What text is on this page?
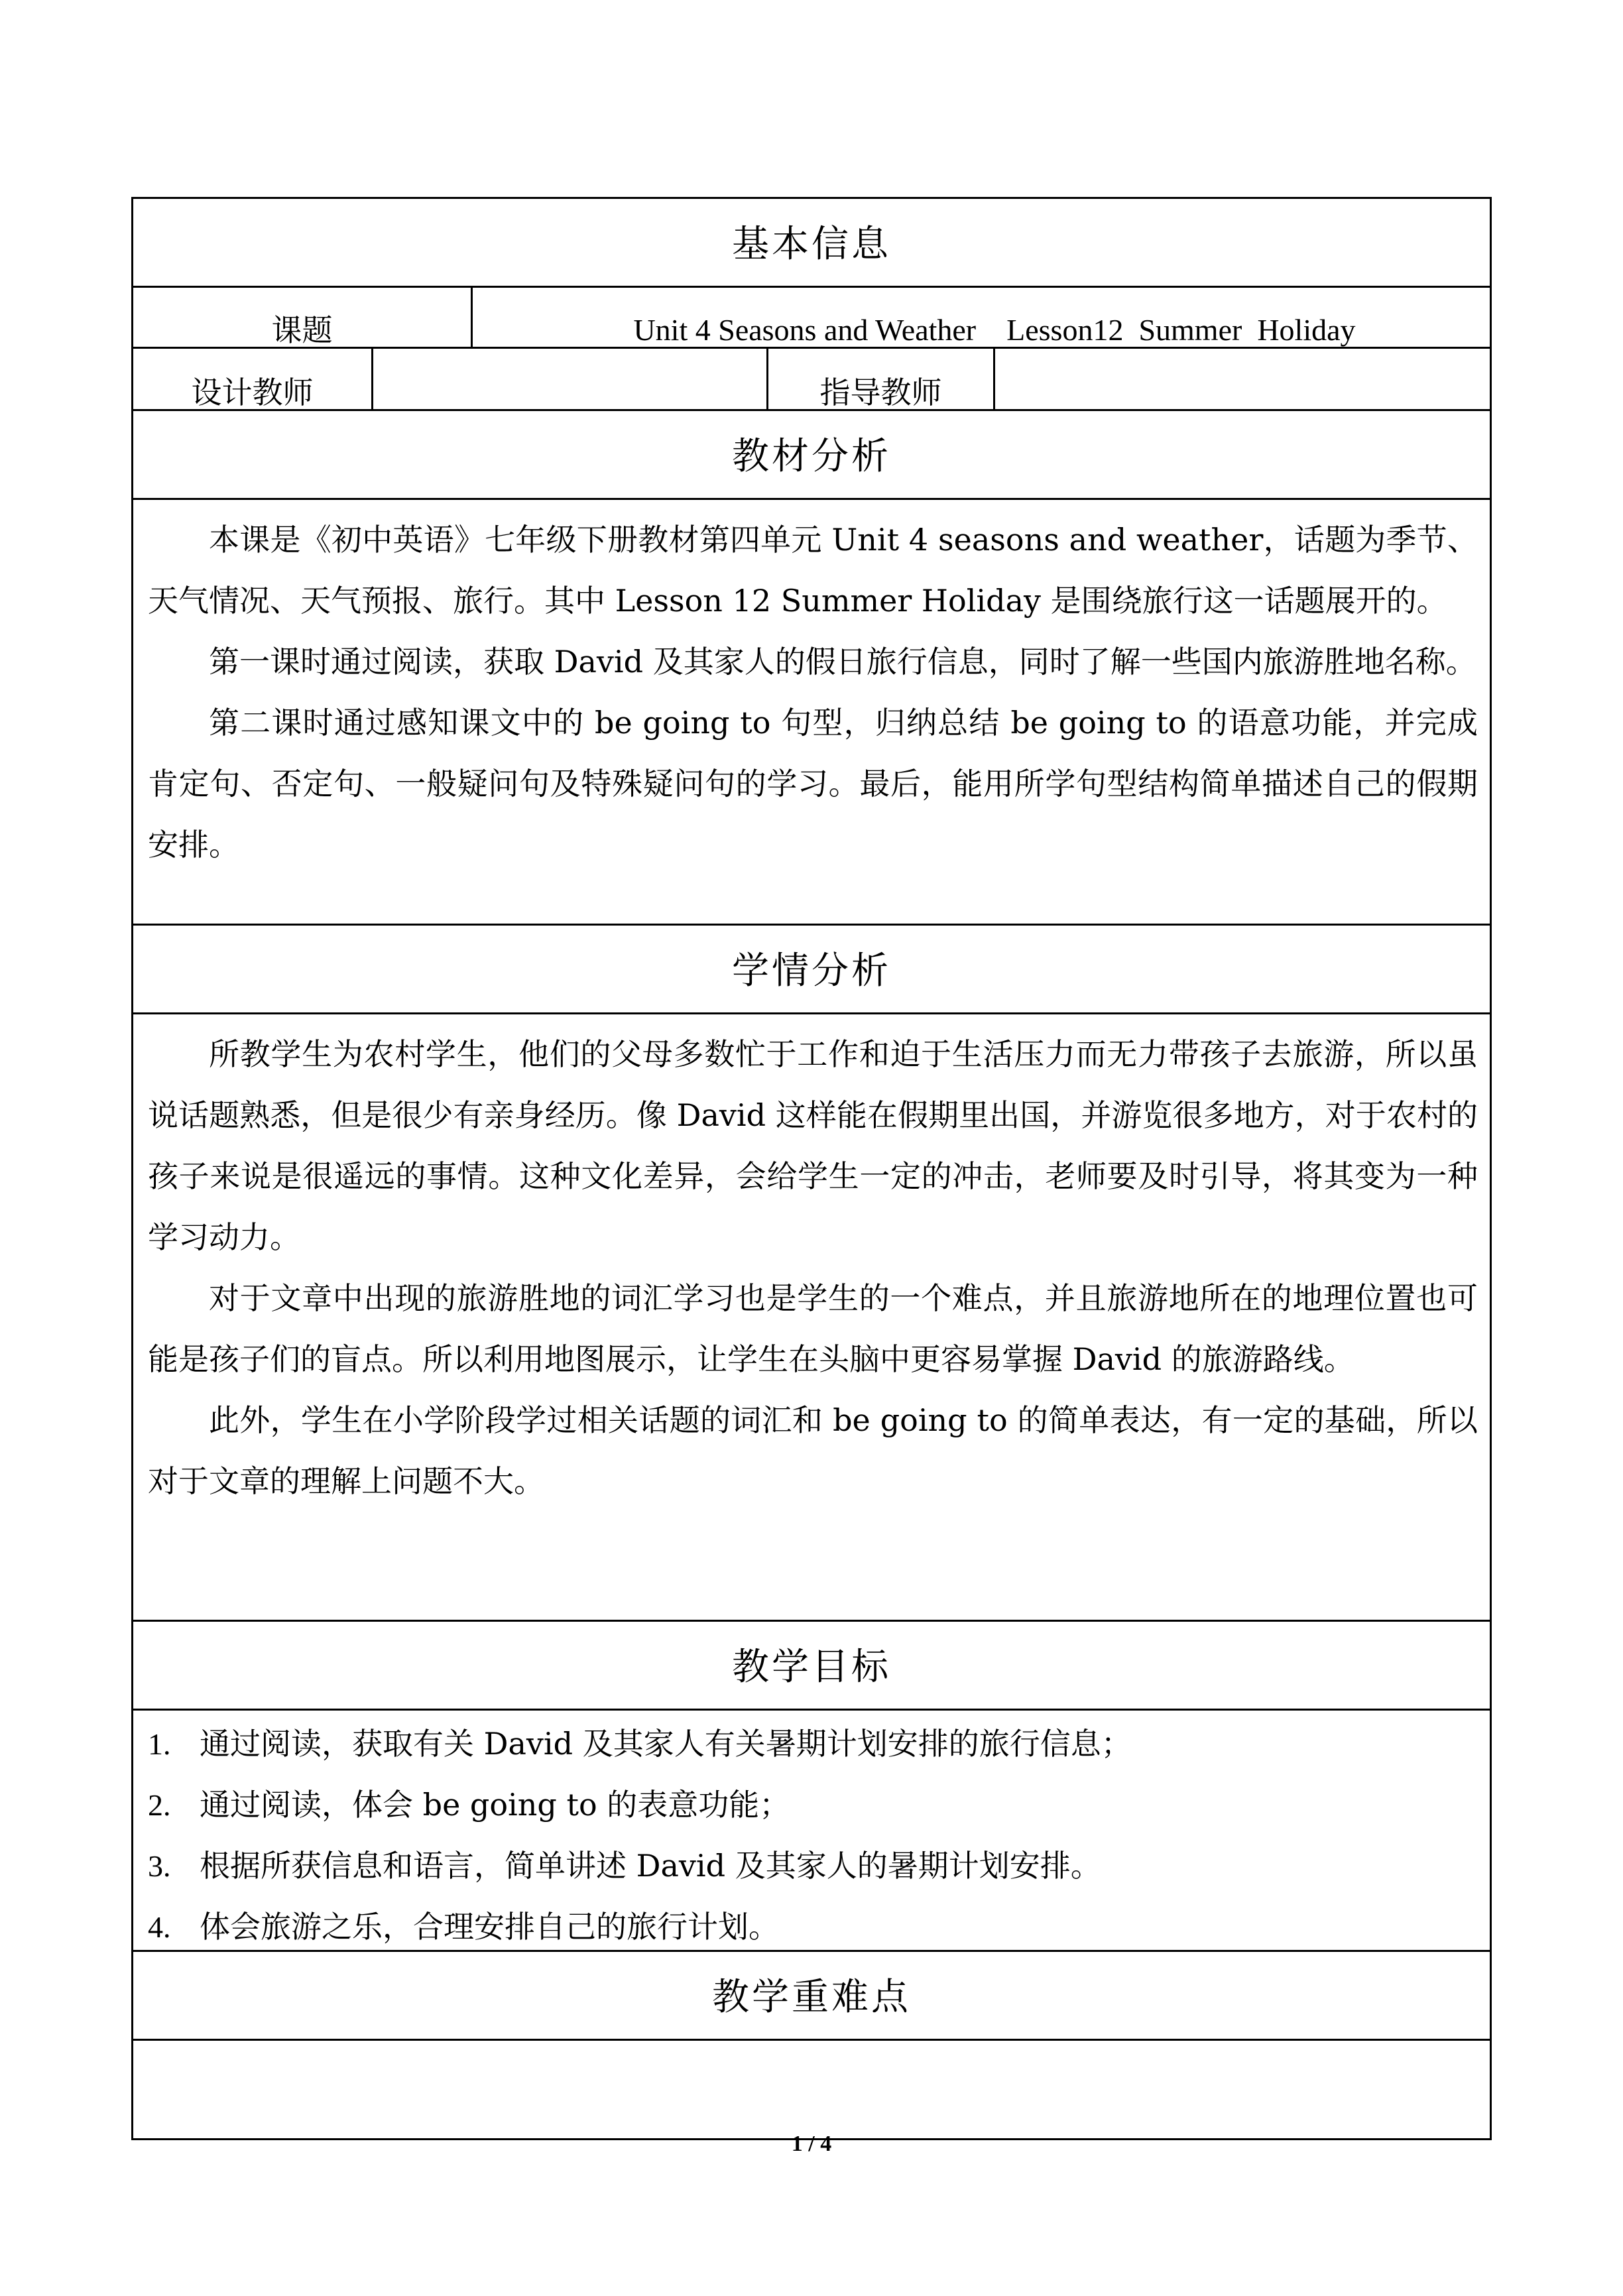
基本信息
课题	Unit 4 Seasons and Weather    Lesson12  Summer  Holiday
设计教师	指导教师
教材分析

本课是《初中英语》七年级下册教材第四单元 Unit 4 seasons and weather，话题为季节、天气情况、天气预报、旅行。其中 Lesson 12 Summer Holiday 是围绕旅行这一话题展开的。

第一课时通过阅读，获取 David 及其家人的假日旅行信息，同时了解一些国内旅游胜地名称。

第二课时通过感知课文中的 be going to 句型，归纳总结 be going to 的语意功能，并完成肯定句、否定句、一般疑问句及特殊疑问句的学习。最后，能用所学句型结构简单描述自己的假期安排。

学情分析

所教学生为农村学生，他们的父母多数忙于工作和迫于生活压力而无力带孩子去旅游，所以虽说话题熟悉，但是很少有亲身经历。像 David 这样能在假期里出国，并游览很多地方，对于农村的孩子来说是很遥远的事情。这种文化差异，会给学生一定的冲击，老师要及时引导，将其变为一种学习动力。

对于文章中出现的旅游胜地的词汇学习也是学生的一个难点，并且旅游地所在的地理位置也可能是孩子们的盲点。所以利用地图展示，让学生在头脑中更容易掌握 David 的旅游路线。

此外，学生在小学阶段学过相关话题的词汇和 be going to 的简单表达，有一定的基础，所以对于文章的理解上问题不大。

教学目标
1. 通过阅读，获取有关 David 及其家人有关暑期计划安排的旅行信息；
2. 通过阅读，体会 be going to 的表意功能；
3. 根据所获信息和语言，简单讲述 David 及其家人的暑期计划安排。
4. 体会旅游之乐，合理安排自己的旅行计划。
教学重难点
1 / 4
